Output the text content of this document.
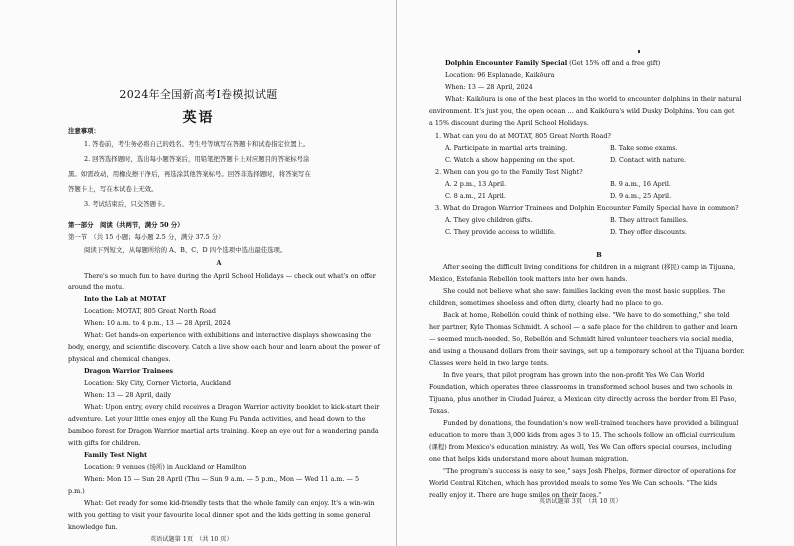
2024年全国新高考Ⅰ卷模拟试题
英语
注意事项：
1. 答卷前，考生务必将自己的姓名、考生号等填写在答题卡和试卷指定位置上。
2. 回答选择题时，选出每小题答案后，用铅笔把答题卡上对应题目的答案标号涂
黑。如需改动，用橡皮擦干净后，再选涂其他答案标号。回答非选择题时，将答案写在
答题卡上，写在本试卷上无效。
3. 考试结束后，只交答题卡。
第一部分　阅读（共两节，满分 50 分）
第一节　（共 15 小题；每小题 2.5 分，满分 37.5 分）
阅读下列短文，从每题所给的 A、B、C、D 四个选项中选出最佳选项。
A
There's so much fun to have during the April School Holidays — check out what's on offer
around the motu.
Into the Lab at MOTAT
Location: MOTAT, 805 Great North Road
When: 10 a.m. to 4 p.m., 13 — 28 April, 2024
What: Get hands-on experience with exhibitions and interactive displays showcasing the
body, energy, and scientific discovery. Catch a live show each hour and learn about the power of
physical and chemical changes.
Dragon Warrior Trainees
Location: Sky City, Corner Victoria, Auckland
When: 13 — 28 April, daily
What: Upon entry, every child receives a Dragon Warrior activity booklet to kick-start their
adventure. Let your little ones enjoy all the Kung Fu Panda activities, and head down to the
bamboo forest for Dragon Warrior martial arts training. Keep an eye out for a wandering panda
with gifts for children.
Family Test Night
Location: 9 venues (场所) in Auckland or Hamilton
When: Mon 15 — Sun 28 April (Thu — Sun 9 a.m. — 5 p.m., Mon — Wed 11 a.m. — 5
p.m.)
What: Get ready for some kid-friendly tests that the whole family can enjoy. It's a win-win
with you getting to visit your favourite local dinner spot and the kids getting in some general
knowledge fun.
英语试题第 1页　（共 10 页）
Dolphin Encounter Family Special (Get 15% off and a free gift)
Location: 96 Esplanade, Kaikōura
When: 13 — 28 April, 2024
What: Kaikōura is one of the best places in the world to encounter dolphins in their natural
environment. It's just you, the open ocean … and Kaikōura's wild Dusky Dolphins. You can get
a 15% discount during the April School Holidays.
1. What can you do at MOTAT, 805 Great North Road?
A. Participate in martial arts training.	B. Take some exams.
C. Watch a show happening on the spot.	D. Contact with nature.
2. When can you go to the Family Test Night?
A. 2 p.m., 13 April.	B. 9 a.m., 16 April.
C. 8 a.m., 21 April.	D. 9 a.m., 25 April.
3. What do Dragon Warrior Trainees and Dolphin Encounter Family Special have in common?
A. They give children gifts.	B. They attract families.
C. They provide access to wildlife.	D. They offer discounts.
B
After seeing the difficult living conditions for children in a migrant (移民) camp in Tijuana,
Mexico, Estefania Rebellón took matters into her own hands.
She could not believe what she saw: families lacking even the most basic supplies. The
children, sometimes shoeless and often dirty, clearly had no place to go.
Back at home, Rebellón could think of nothing else. "We have to do something," she told
her partner, Kyle Thomas Schmidt. A school — a safe place for the children to gather and learn
— seemed much-needed. So, Rebellón and Schmidt hired volunteer teachers via social media,
and using a thousand dollars from their savings, set up a temporary school at the Tijuana border.
Classes were held in two large tents.
In five years, that pilot program has grown into the non-profit Yes We Can World
Foundation, which operates three classrooms in transformed school buses and two schools in
Tijuana, plus another in Ciudad Juárez, a Mexican city directly across the border from El Paso,
Texas.
Funded by donations, the foundation's now well-trained teachers have provided a bilingual
education to more than 3,000 kids from ages 3 to 15. The schools follow an official curriculum
(课程) from Mexico's education ministry. As well, Yes We Can offers special courses, including
one that helps kids understand more about human migration.
"The program's success is easy to see," says Josh Phelps, former director of operations for
World Central Kitchen, which has provided meals to some Yes We Can schools. "The kids
really enjoy it. There are huge smiles on their faces."
英语试题第 3页　（共 10 页）
